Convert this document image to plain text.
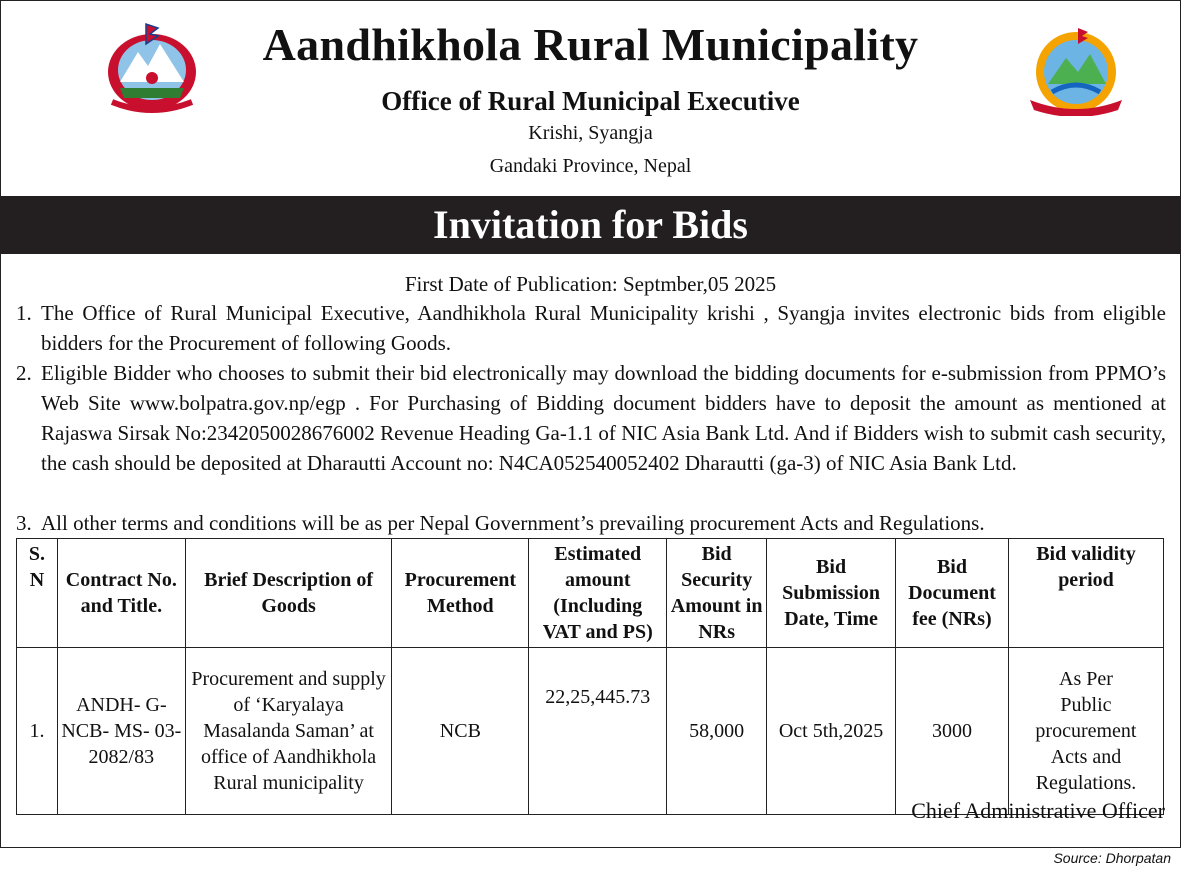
Aandhikhola Rural Municipality
Office of Rural Municipal Executive
Krishi, Syangja
Gandaki Province, Nepal
Invitation for Bids
First Date of Publication: Septmber,05 2025
1. The Office of Rural Municipal Executive, Aandhikhola Rural Municipality krishi , Syangja invites electronic bids from eligible bidders for the Procurement of following Goods.
2. Eligible Bidder who chooses to submit their bid electronically may download the bidding documents for e-submission from PPMO’s Web Site www.bolpatra.gov.np/egp . For Purchasing of Bidding document bidders have to deposit the amount as mentioned at Rajaswa Sirsak No:2342050028676002 Revenue Heading Ga-1.1 of NIC Asia Bank Ltd. And if Bidders wish to submit cash security, the cash should be deposited at Dharautti Account no: N4CA052540052402 Dharautti (ga-3) of NIC Asia Bank Ltd.
3. All other terms and conditions will be as per Nepal Government’s prevailing procurement Acts and Regulations.
S. N	Contract No. and Title.	Brief Description of Goods	Procurement Method	Estimated amount (Including VAT and PS)	Bid Security Amount in NRs	Bid Submission Date, Time	Bid Document fee (NRs)	Bid validity period
1.	ANDH- G- NCB- MS- 03-2082/83	Procurement and supply of ‘Karyalaya Masalanda Saman’ at office of Aandhikhola Rural municipality	NCB	22,25,445.73	58,000	Oct 5th,2025	3000	As Per Public procurement Acts and Regulations.
Chief Administrative Officer
Source: Dhorpatan
